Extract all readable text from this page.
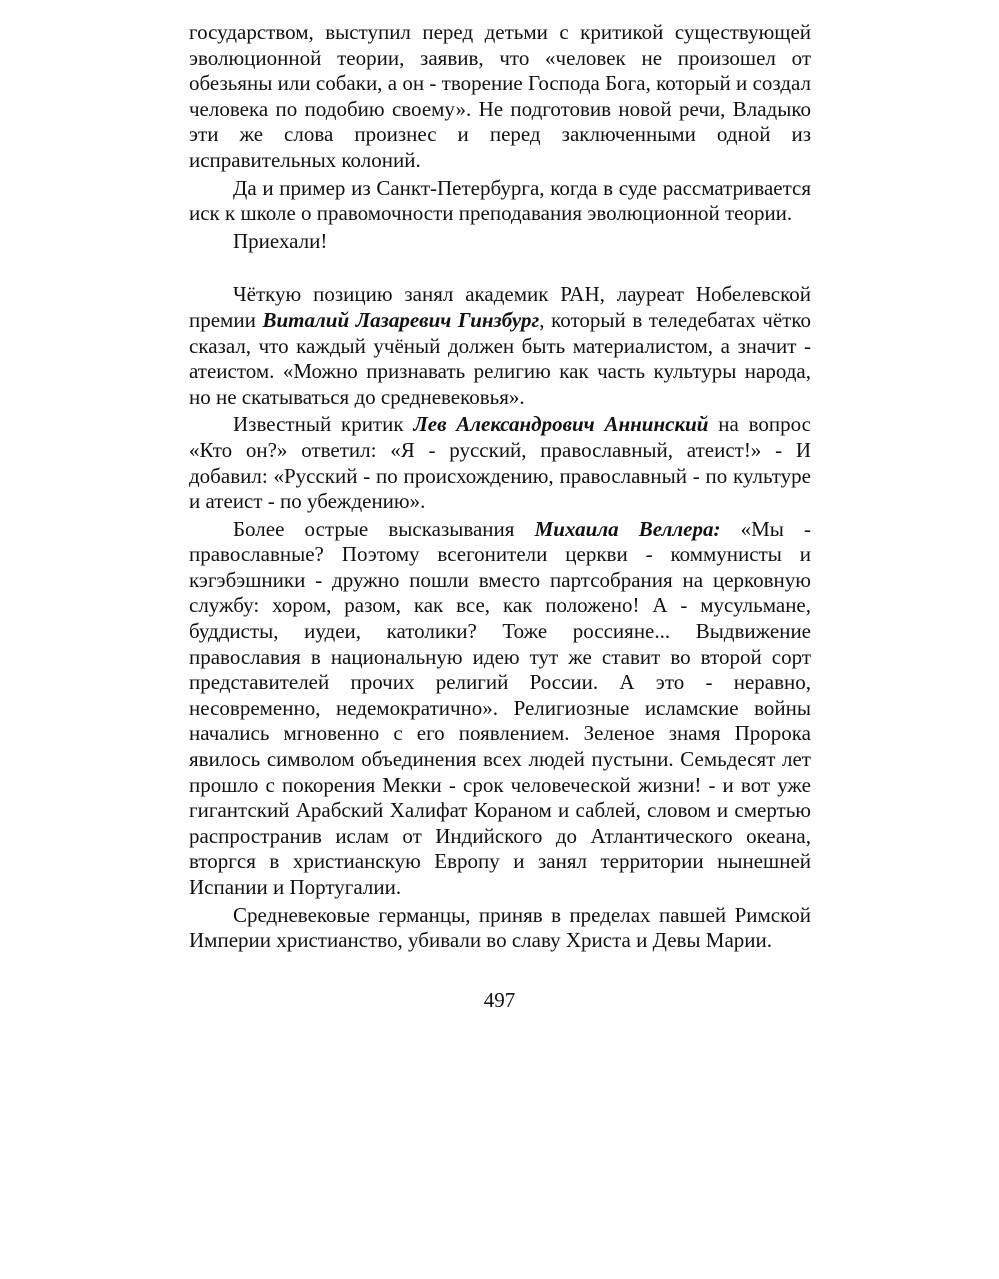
государством, выступил перед детьми с критикой существующей эволюционной теории, заявив, что «человек не произошел от обезьяны или собаки, а он - творение Господа Бога, который и создал человека по подобию своему». Не подготовив новой речи, Владыко эти же слова произнес и перед заключенными одной из исправительных колоний.

Да и пример из Санкт-Петербурга, когда в суде рассматривается иск к школе о правомочности преподавания эволюционной теории.

Приехали!

Чёткую позицию занял академик РАН, лауреат Нобелевской премии Виталий Лазаревич Гинзбург, который в теледебатах чётко сказал, что каждый учёный должен быть материалистом, а значит - атеистом. «Можно признавать религию как часть культуры народа, но не скатываться до средневековья».

Известный критик Лев Александрович Аннинский на вопрос «Кто он?» ответил: «Я - русский, православный, атеист!» - И добавил: «Русский - по происхождению, православный - по культуре и атеист - по убеждению».

Более острые высказывания Михаила Веллера: «Мы - православные? Поэтому всегонители церкви - коммунисты и кэгэбэшники - дружно пошли вместо партсобрания на церковную службу: хором, разом, как все, как положено! А - мусульмане, буддисты, иудеи, католики? Тоже россияне... Выдвижение православия в национальную идею тут же ставит во второй сорт представителей прочих религий России. А это - неравно, несовременно, недемократично». Религиозные исламские войны начались мгновенно с его появлением. Зеленое знамя Пророка явилось символом объединения всех людей пустыни. Семьдесят лет прошло с покорения Мекки - срок человеческой жизни! - и вот уже гигантский Арабский Халифат Кораном и саблей, словом и смертью распространив ислам от Индийского до Атлантического океана, вторгся в христианскую Европу и занял территории нынешней Испании и Португалии.

Средневековые германцы, приняв в пределах павшей Римской Империи христианство, убивали во славу Христа и Девы Марии.

497
